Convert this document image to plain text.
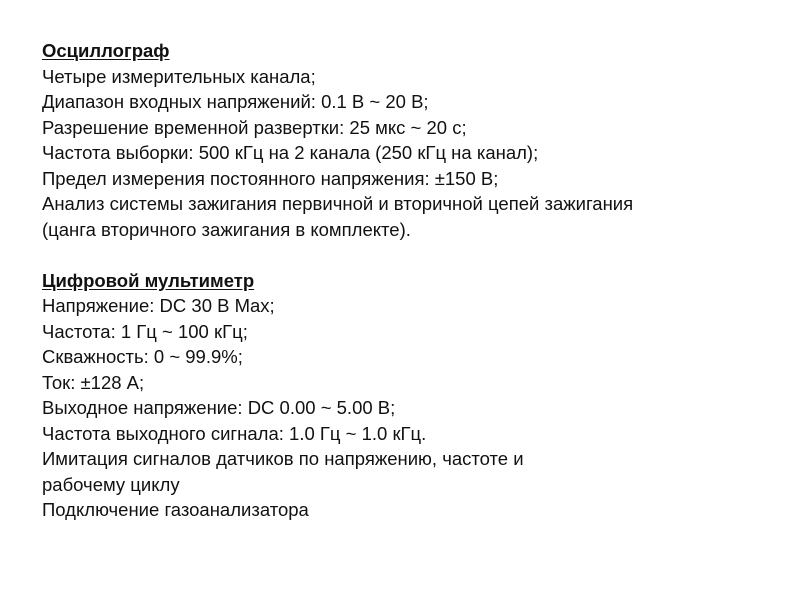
Осциллограф

Четыре измерительных канала;

Диапазон входных напряжений: 0.1 В ~ 20 В;

Разрешение временной развертки: 25 мкс ~ 20 с;

Частота выборки: 500 кГц на 2 канала (250 кГц на канал);

Предел измерения постоянного напряжения: ±150 В;

Анализ системы зажигания первичной и вторичной цепей зажигания

(цанга вторичного зажигания в комплекте).

Цифровой мультиметр

Напряжение: DC 30 В Max;

Частота: 1 Гц ~ 100 кГц;

Скважность: 0 ~ 99.9%;

Ток: ±128 A;

Выходное напряжение: DC 0.00 ~ 5.00 В;

Частота выходного сигнала: 1.0 Гц ~ 1.0 кГц.

Имитация сигналов датчиков по напряжению, частоте и

рабочему циклу

Подключение газоанализатора
